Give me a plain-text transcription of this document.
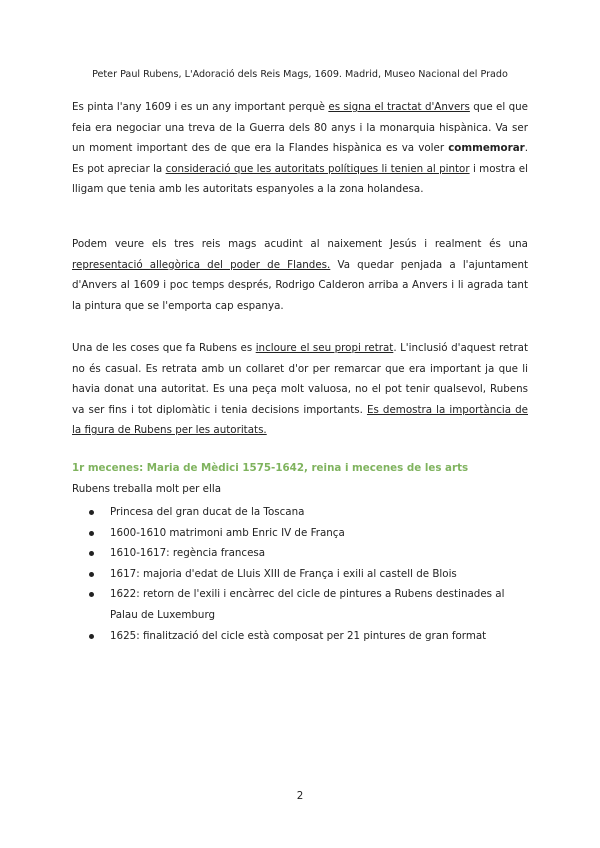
Peter Paul Rubens, L'Adoració dels Reis Mags, 1609. Madrid, Museo Nacional del Prado
Es pinta l'any 1609 i es un any important perquè es signa el tractat d'Anvers que el que feia era negociar una treva de la Guerra dels 80 anys i la monarquia hispànica. Va ser un moment important des de que era la Flandes hispànica es va voler commemorar. Es pot apreciar la consideració que les autoritats polítiques li tenien al pintor i mostra el lligam que tenia amb les autoritats espanyoles a la zona holandesa.
Podem veure els tres reis mags acudint al naixement Jesús i realment és una representació allegòrica del poder de Flandes. Va quedar penjada a l'ajuntament d'Anvers al 1609 i poc temps després, Rodrigo Calderon arriba a Anvers i li agrada tant la pintura que se l'emporta cap espanya.
Una de les coses que fa Rubens es incloure el seu propi retrat. L'inclusió d'aquest retrat no és casual. Es retrata amb un collaret d'or per remarcar que era important ja que li havia donat una autoritat. Es una peça molt valuosa, no el pot tenir qualsevol, Rubens va ser fins i tot diplomàtic i tenia decisions importants. Es demostra la importància de la figura de Rubens per les autoritats.
1r mecenes: Maria de Mèdici 1575-1642, reina i mecenes de les arts
Rubens treballa molt per ella
Princesa del gran ducat de la Toscana
1600-1610 matrimoni amb Enric IV de França
1610-1617: regència francesa
1617: majoria d'edat de Lluis XIII de França i exili al castell de Blois
1622: retorn de l'exili i encàrrec del cicle de pintures a Rubens destinades al Palau de Luxemburg
1625: finalització del cicle està composat per 21 pintures de gran format
2
